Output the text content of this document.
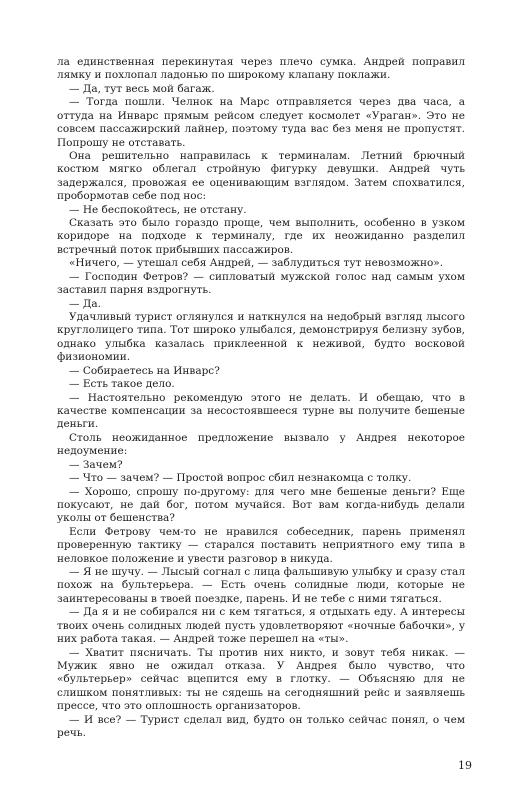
ла единственная перекинутая через плечо сумка. Андрей поправил лямку и похлопал ладонью по широкому клапану поклажи.

— Да, тут весь мой багаж.

— Тогда пошли. Челнок на Марс отправляется через два часа, а оттуда на Инварс прямым рейсом следует космолет «Ураган». Это не совсем пассажирский лайнер, поэтому туда вас без меня не пропустят. Попрошу не отставать.

Она решительно направилась к терминалам. Летний брючный костюм мягко облегал стройную фигурку девушки. Андрей чуть задержался, провожая ее оценивающим взглядом. Затем спохватился, пробормотав себе под нос:

— Не беспокойтесь, не отстану.

Сказать это было гораздо проще, чем выполнить, особенно в узком коридоре на подходе к терминалу, где их неожиданно разделил встречный поток прибывших пассажиров.

«Ничего, — утешал себя Андрей, — заблудиться тут невозможно».

— Господин Фетров? — сипловатый мужской голос над самым ухом заставил парня вздрогнуть.

— Да.

Удачливый турист оглянулся и наткнулся на недобрый взгляд лысого круглолицего типа. Тот широко улыбался, демонстрируя белизну зубов, однако улыбка казалась приклеенной к неживой, будто восковой физиономии.

— Собираетесь на Инварс?

— Есть такое дело.

— Настоятельно рекомендую этого не делать. И обещаю, что в качестве компенсации за несостоявшееся турне вы получите бешеные деньги.

Столь неожиданное предложение вызвало у Андрея некоторое недоумение:

— Зачем?

— Что — зачем? — Простой вопрос сбил незнакомца с толку.

— Хорошо, спрошу по-другому: для чего мне бешеные деньги? Еще покусают, не дай бог, потом мучайся. Вот вам когда-нибудь делали уколы от бешенства?

Если Фетрову чем-то не нравился собеседник, парень применял проверенную тактику — старался поставить неприятного ему типа в неловкое положение и увести разговор в никуда.

— Я не шучу. — Лысый согнал с лица фальшивую улыбку и сразу стал похож на бультерьера. — Есть очень солидные люди, которые не заинтересованы в твоей поездке, парень. И не тебе с ними тягаться.

— Да я и не собирался ни с кем тягаться, я отдыхать еду. А интересы твоих очень солидных людей пусть удовлетворяют «ночные бабочки», у них работа такая. — Андрей тоже перешел на «ты».

— Хватит пясничать. Ты против них никто, и зовут тебя никак. — Мужик явно не ожидал отказа. У Андрея было чувство, что «бультерьер» сейчас вцепится ему в глотку. — Объясняю для не слишком понятливых: ты не сядешь на сегодняшний рейс и заявляешь прессе, что это оплошность организаторов.

— И все? — Турист сделал вид, будто он только сейчас понял, о чем речь.

19
